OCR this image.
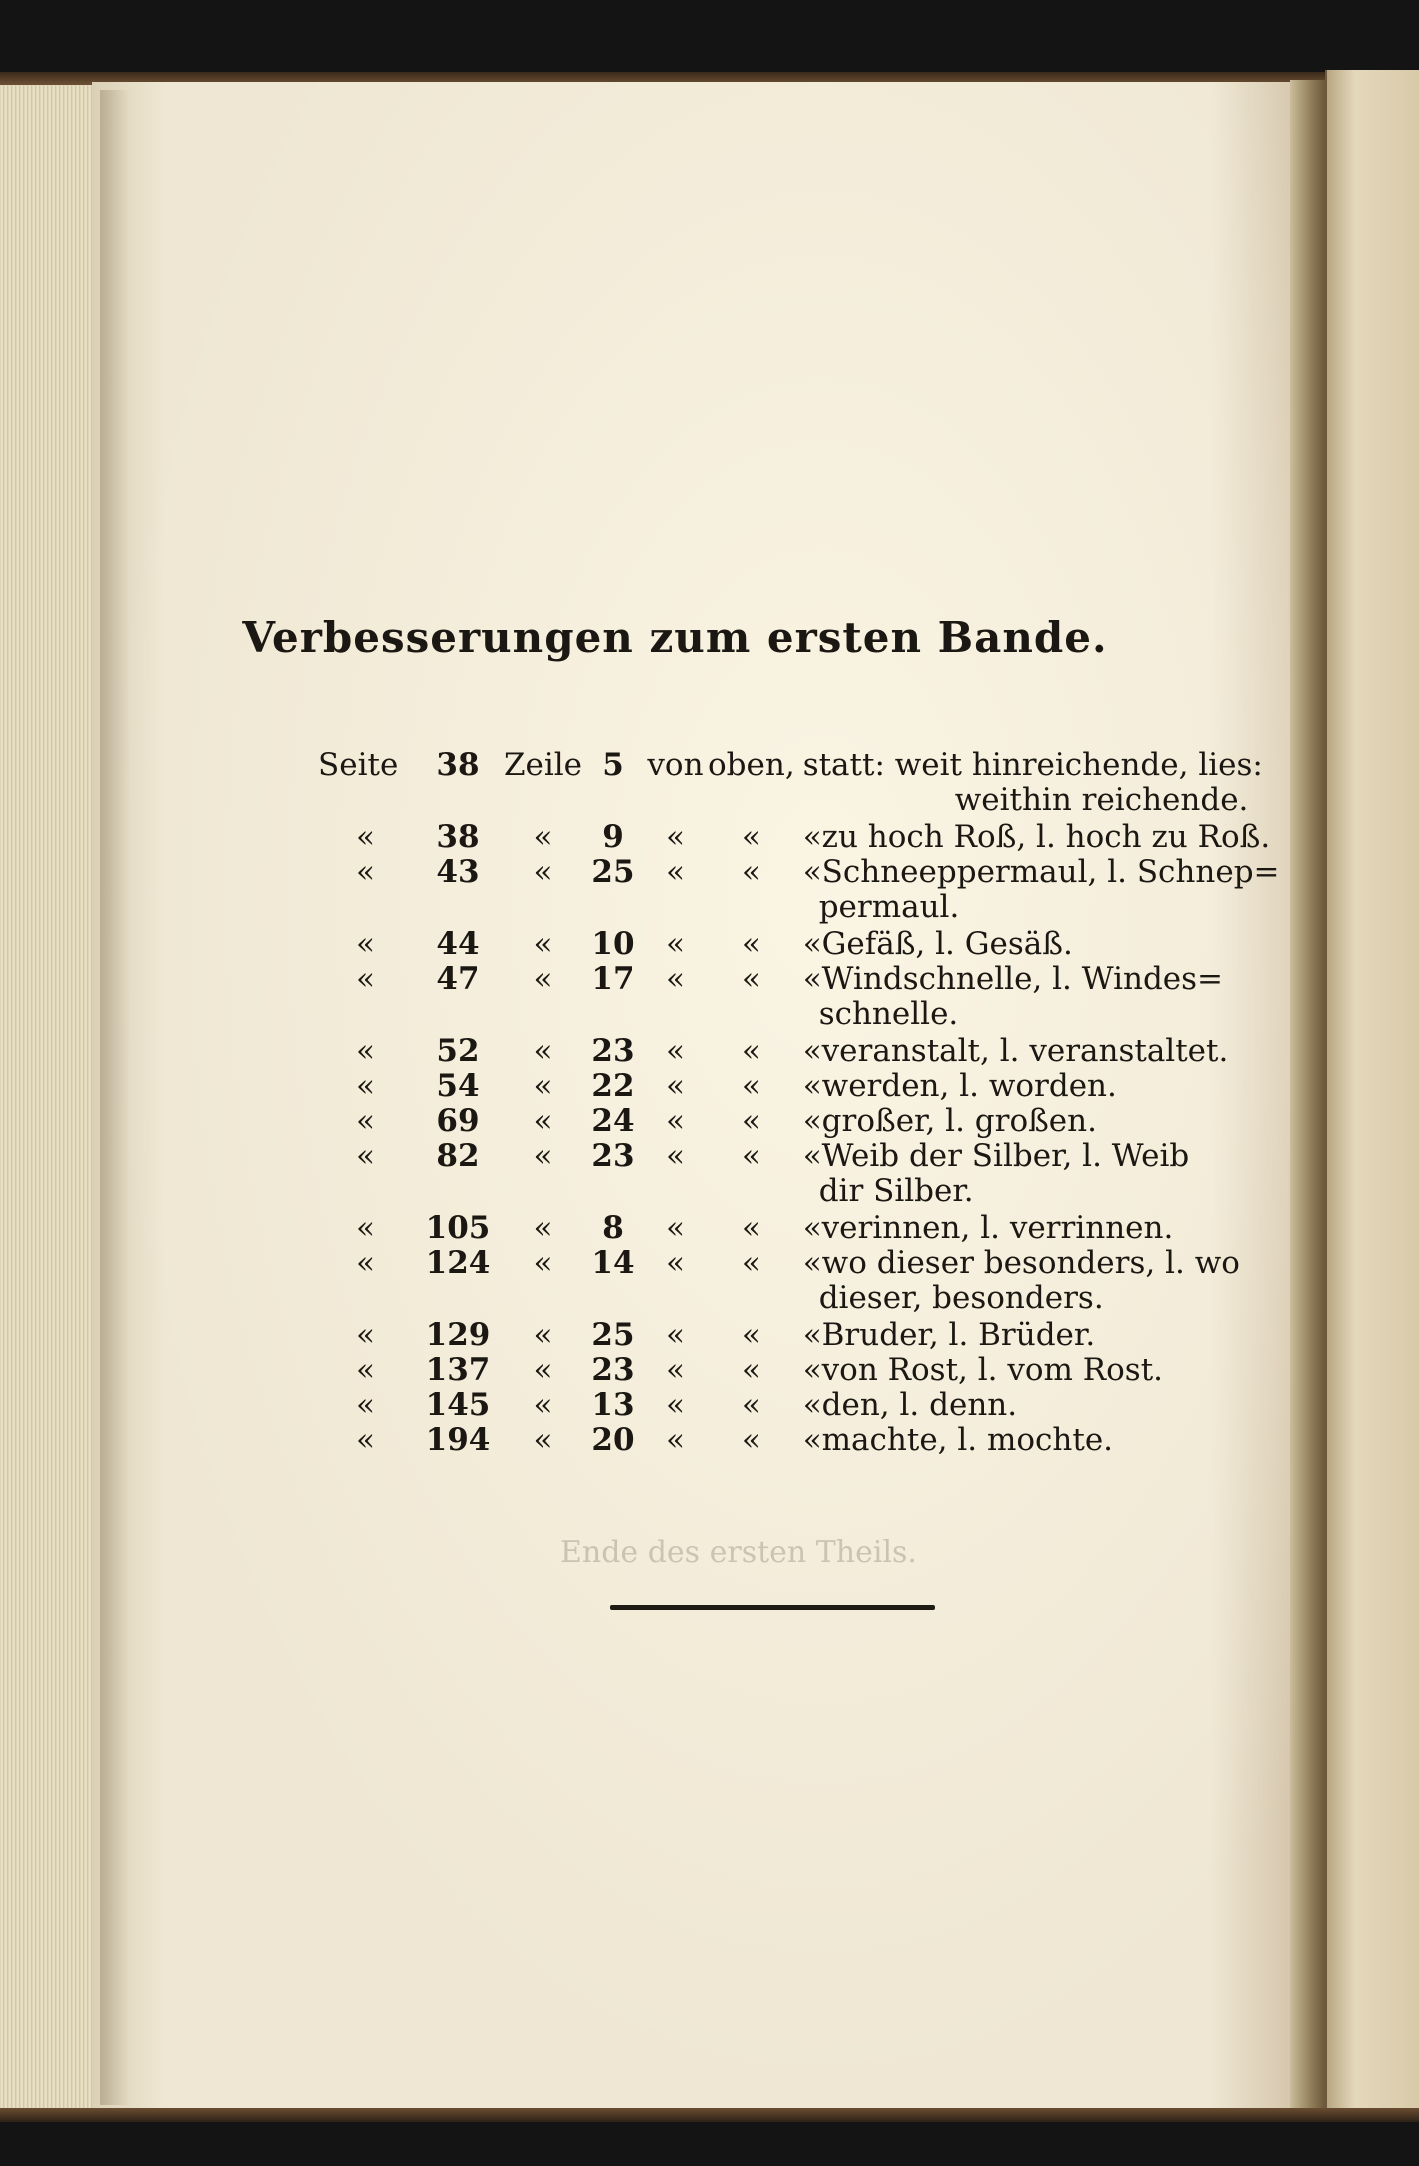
Verbesserungen zum ersten Bande.
Seite	38	Zeile	5	von	oben,	statt: weit hinreichende, lies:
						weithin reichende.
«	38	«	9	«	«	«zu hoch Roß, l. hoch zu Roß.
«	43	«	25	«	«	«Schneeppermaul, l. Schnep=
						permaul.
«	44	«	10	«	«	«Gefäß, l. Gesäß.
«	47	«	17	«	«	«Windschnelle, l. Windes=
						schnelle.
«	52	«	23	«	«	«veranstalt, l. veranstaltet.
«	54	«	22	«	«	«werden, l. worden.
«	69	«	24	«	«	«großer, l. großen.
«	82	«	23	«	«	«Weib der Silber, l. Weib
						dir Silber.
«	105	«	8	«	«	«verinnen, l. verrinnen.
«	124	«	14	«	«	«wo dieser besonders, l. wo
						dieser, besonders.
«	129	«	25	«	«	«Bruder, l. Brüder.
«	137	«	23	«	«	«von Rost, l. vom Rost.
«	145	«	13	«	«	«den, l. denn.
«	194	«	20	«	«	«machte, l. mochte.
Ende des ersten Theils.
